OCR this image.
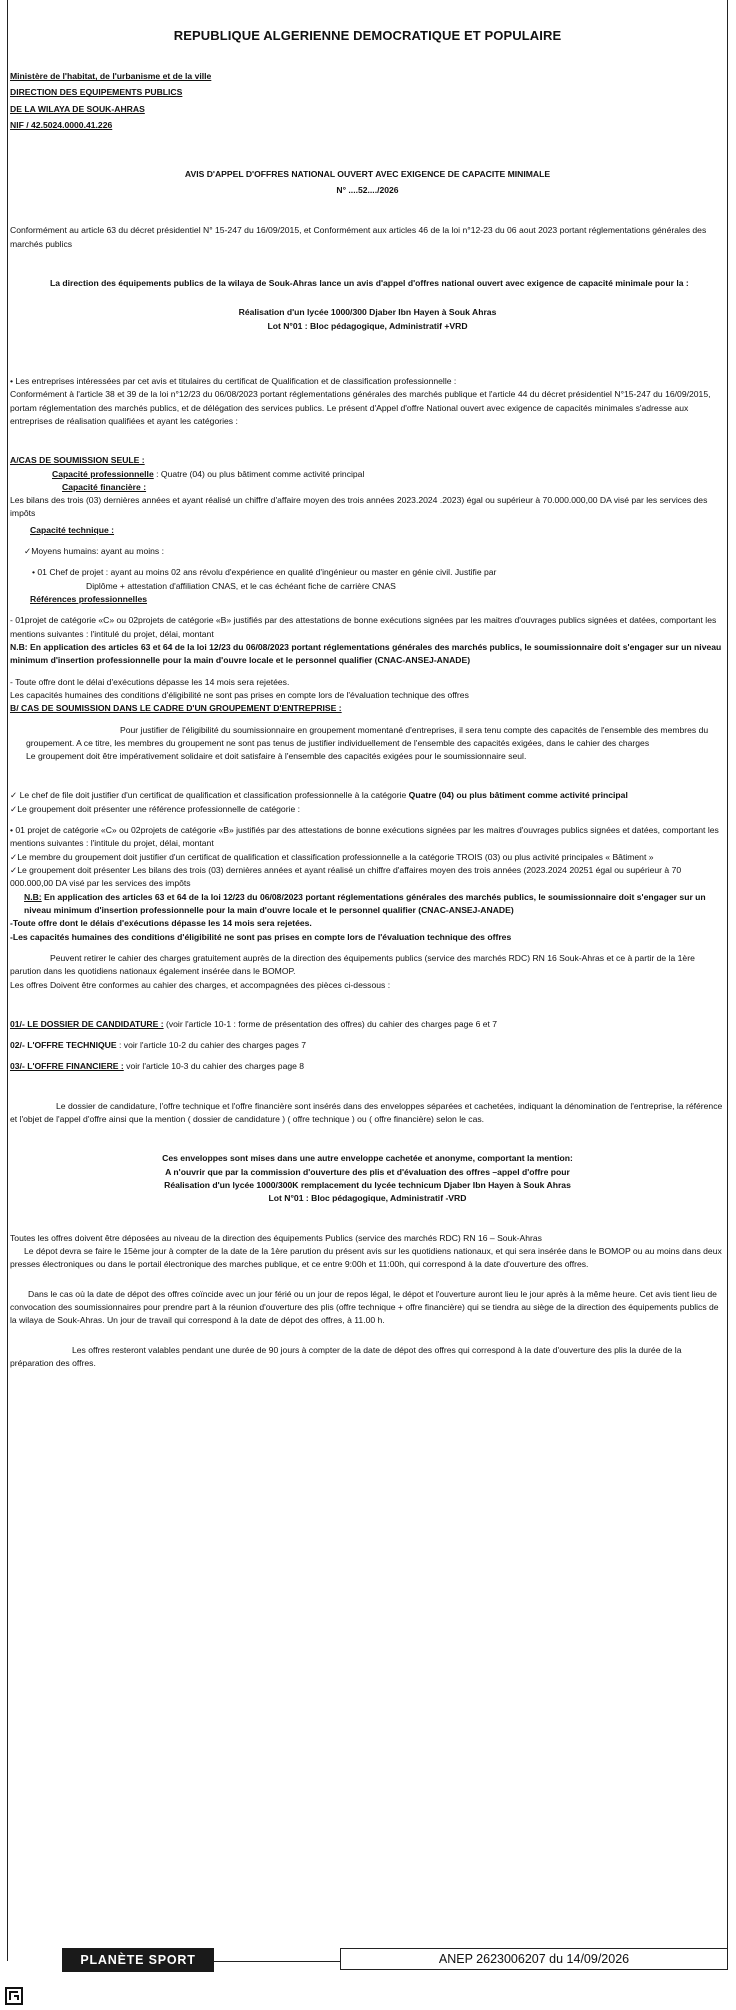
REPUBLIQUE ALGERIENNE DEMOCRATIQUE ET POPULAIRE

Ministère de l'habitat, de l'urbanisme et de la ville

DIRECTION DES EQUIPEMENTS PUBLICS

DE LA WILAYA DE SOUK-AHRAS

NIF / 42.5024.0000.41.226

AVIS D'APPEL D'OFFRES NATIONAL OUVERT AVEC EXIGENCE DE CAPACITE MINIMALE
N° ....52..../2026

Conformément au article 63 du décret présidentiel N° 15-247 du 16/09/2015, et Conformément aux articles 46 de la loi n°12-23 du 06 aout 2023 portant réglementations générales des marchés publics

La direction des équipements publics de la wilaya de Souk-Ahras lance un avis d'appel d'offres national ouvert avec exigence de capacité minimale pour la :

Réalisation d'un lycée 1000/300 Djaber Ibn Hayen à Souk Ahras

Lot N°01 : Bloc pédagogique, Administratif +VRD

• Les entreprises intéressées par cet avis et titulaires du certificat de Qualification et de classification professionnelle :

Conformément à l'article 38 et 39 de la loi n°12/23 du 06/08/2023 portant réglementations générales des marchés publique et l'article 44 du décret présidentiel N°15-247 du 16/09/2015, portam réglementation des marchés publics, et de délégation des services publics. Le présent d'Appel d'offre National ouvert avec exigence de capacités minimales s'adresse aux entreprises de réalisation qualifiées et ayant les catégories :

A/CAS DE SOUMISSION SEULE :

Capacité professionnelle : Quatre (04) ou plus bâtiment comme activité principal

Capacité financière :

Les bilans des trois (03) dernières années et ayant réalisé un chiffre d'affaire moyen des trois années 2023.2024 .2023) égal ou supérieur à 70.000.000,00 DA visé par les services des impôts

Capacité technique :

✓Moyens humains: ayant au moins :

• 01 Chef de projet : ayant au moins 02 ans révolu d'expérience en qualité d'ingénieur ou master en génie civil. Justifie par

Diplôme + attestation d'affiliation CNAS, et le cas échéant fiche de carrière CNAS

Références professionnelles

- 01projet de catégorie «C» ou 02projets de catégorie «B» justifiés par des attestations de bonne exécutions signées par les maitres d'ouvrages publics signées et datées, comportant les mentions suivantes : l'intitulé du projet, délai, montant

N.B: En application des articles 63 et 64 de la loi 12/23 du 06/08/2023 portant réglementations générales des marchés publics, le soumissionnaire doit s'engager sur un niveau minimum d'insertion professionnelle pour la main d'ouvre locale et le personnel qualifier (CNAC-ANSEJ-ANADE)

- Toute offre dont le délai d'exécutions dépasse les 14 mois sera rejetées.

Les capacités humaines des conditions d'éligibilité ne sont pas prises en compte lors de l'évaluation technique des offres

B/ CAS DE SOUMISSION DANS LE CADRE D'UN GROUPEMENT D'ENTREPRISE :

Pour justifier de l'éligibilité du soumissionnaire en groupement momentané d'entreprises, il sera tenu compte des capacités de l'ensemble des membres du groupement. A ce titre, les membres du groupement ne sont pas tenus de justifier individuellement de l'ensemble des capacités exigées, dans le cahier des charges

Le groupement doit être impérativement solidaire et doit satisfaire à l'ensemble des capacités exigées pour le soumissionnaire seul.

✓ Le chef de file doit justifier d'un certificat de qualification et classification professionnelle à la catégorie Quatre (04) ou plus bâtiment comme activité principal

✓Le groupement doit présenter une référence professionnelle de catégorie :

• 01 projet de catégorie «C» ou 02projets de catégorie «B» justifiés par des attestations de bonne exécutions signées par les maitres d'ouvrages publics signées et datées, comportant les mentions suivantes : l'intitule du projet, délai, montant

✓Le membre du groupement doit justifier d'un certificat de qualification et classification professionnelle a la catégorie TROIS (03) ou plus activité principales « Bâtiment »

✓Le groupement doit présenter Les bilans des trois (03) dernières années et ayant réalisé un chiffre d'affaires moyen des trois années (2023.2024 20251 égal ou supérieur à 70 000.000,00 DA visé par les services des impôts

N.B: En application des articles 63 et 64 de la loi 12/23 du 06/08/2023 portant réglementations générales des marchés publics, le soumissionnaire doit s'engager sur un niveau minimum d'insertion professionnelle pour la main d'ouvre locale et le personnel qualifier (CNAC-ANSEJ-ANADE)

-Toute offre dont le délais d'exécutions dépasse les 14 mois sera rejetées.

-Les capacités humaines des conditions d'éligibilité ne sont pas prises en compte lors de l'évaluation technique des offres

Peuvent retirer le cahier des charges gratuitement auprès de la direction des équipements publics (service des marchés RDC) RN 16 Souk-Ahras et ce à partir de la 1ère parution dans les quotidiens nationaux également insérée dans le BOMOP.

Les offres Doivent être conformes au cahier des charges, et accompagnées des pièces ci-dessous :

01/- LE DOSSIER DE CANDIDATURE : (voir l'article 10-1 : forme de présentation des offres) du cahier des charges page 6 et 7

02/- L'OFFRE TECHNIQUE : voir l'article 10-2 du cahier des charges pages 7

03/- L'OFFRE FINANCIERE : voir l'article 10-3 du cahier des charges page 8

Le dossier de candidature, l'offre technique et l'offre financière sont insérés dans des enveloppes séparées et cachetées, indiquant la dénomination de l'entreprise, la référence et l'objet de l'appel d'offre ainsi que la mention ( dossier de candidature ) ( offre technique ) ou ( offre financière) selon le cas.

Ces enveloppes sont mises dans une autre enveloppe cachetée et anonyme, comportant la mention:

A n'ouvrir que par la commission d'ouverture des plis et d'évaluation des offres –appel d'offre pour

Réalisation d'un lycée 1000/300K remplacement du lycée technicum Djaber Ibn Hayen à Souk Ahras

Lot N°01 : Bloc pédagogique, Administratif -VRD

Toutes les offres doivent être déposées au niveau de la direction des équipements Publics (service des marchés RDC) RN 16 – Souk-Ahras

Le dépot devra se faire le 15ème jour à compter de la date de la 1ère parution du présent avis sur les quotidiens nationaux, et qui sera insérée dans le BOMOP ou au moins dans deux presses électroniques ou dans le portail électronique des marches publique, et ce entre 9:00h et 11:00h, qui correspond à la date d'ouverture des offres.

Dans le cas où la date de dépot des offres coïncide avec un jour férié ou un jour de repos légal, le dépot et l'ouverture auront lieu le jour après à la même heure. Cet avis tient lieu de convocation des soumissionnaires pour prendre part à la réunion d'ouverture des plis (offre technique + offre financière) qui se tiendra au siège de la direction des équipements publics de la wilaya de Souk-Ahras. Un jour de travail qui correspond à la date de dépot des offres, à 11.00 h.

Les offres resteront valables pendant une durée de 90 jours à compter de la date de dépot des offres qui correspond à la date d'ouverture des plis la durée de la préparation des offres.

PLANÈTE SPORT	ANEP 2623006207 du 14/09/2026
